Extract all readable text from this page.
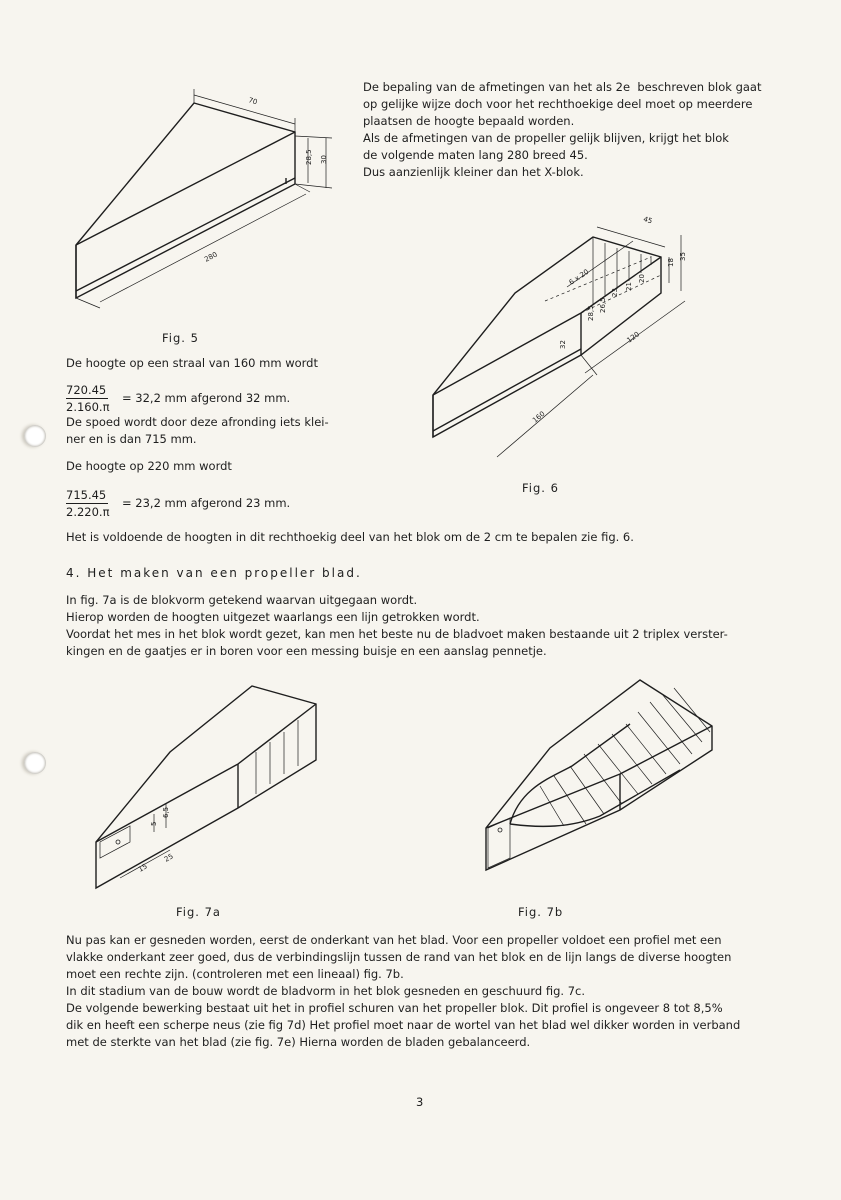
De bepaling van de afmetingen van het als 2e  beschreven blok gaat
op gelijke wijze doch voor het rechthoekige deel moet op meerdere
plaatsen de hoogte bepaald worden.
Als de afmetingen van de propeller gelijk blijven, krijgt het blok
de volgende maten lang 280 breed 45.
Dus aanzienlijk kleiner dan het X-blok.
70
28,5 30
280
Fig. 5
45
18
35
6 x 20
32
28,5
26,5
23
21
20
120
160
Fig. 6
De hoogte op een straal van 160 mm wordt
720.45
2.160.π
= 32,2 mm afgerond 32 mm.
De spoed wordt door deze afronding iets klei-
ner en is dan 715 mm.
De hoogte op 220 mm wordt
715.45
2.220.π
= 23,2 mm afgerond 23 mm.
Het is voldoende de hoogten in dit rechthoekig deel van het blok om de 2 cm te bepalen zie fig. 6.
4. Het maken van een propeller blad.
In fig. 7a is de blokvorm getekend waarvan uitgegaan wordt.
Hierop worden de hoogten uitgezet waarlangs een lijn getrokken wordt.
Voordat het mes in het blok wordt gezet, kan men het beste nu de bladvoet maken bestaande uit 2 triplex verster-
kingen en de gaatjes er in boren voor een messing buisje en een aanslag pennetje.
5
6,5
15
25
Fig. 7a	Fig. 7b
Nu pas kan er gesneden worden, eerst de onderkant van het blad. Voor een propeller voldoet een profiel met een
vlakke onderkant zeer goed, dus de verbindingslijn tussen de rand van het blok en de lijn langs de diverse hoogten
moet een rechte zijn. (controleren met een lineaal) fig. 7b.
In dit stadium van de bouw wordt de bladvorm in het blok gesneden en geschuurd fig. 7c.
De volgende bewerking bestaat uit het in profiel schuren van het propeller blok. Dit profiel is ongeveer 8 tot 8,5%
dik en heeft een scherpe neus (zie fig 7d) Het profiel moet naar de wortel van het blad wel dikker worden in verband
met de sterkte van het blad (zie fig. 7e) Hierna worden de bladen gebalanceerd.
3
